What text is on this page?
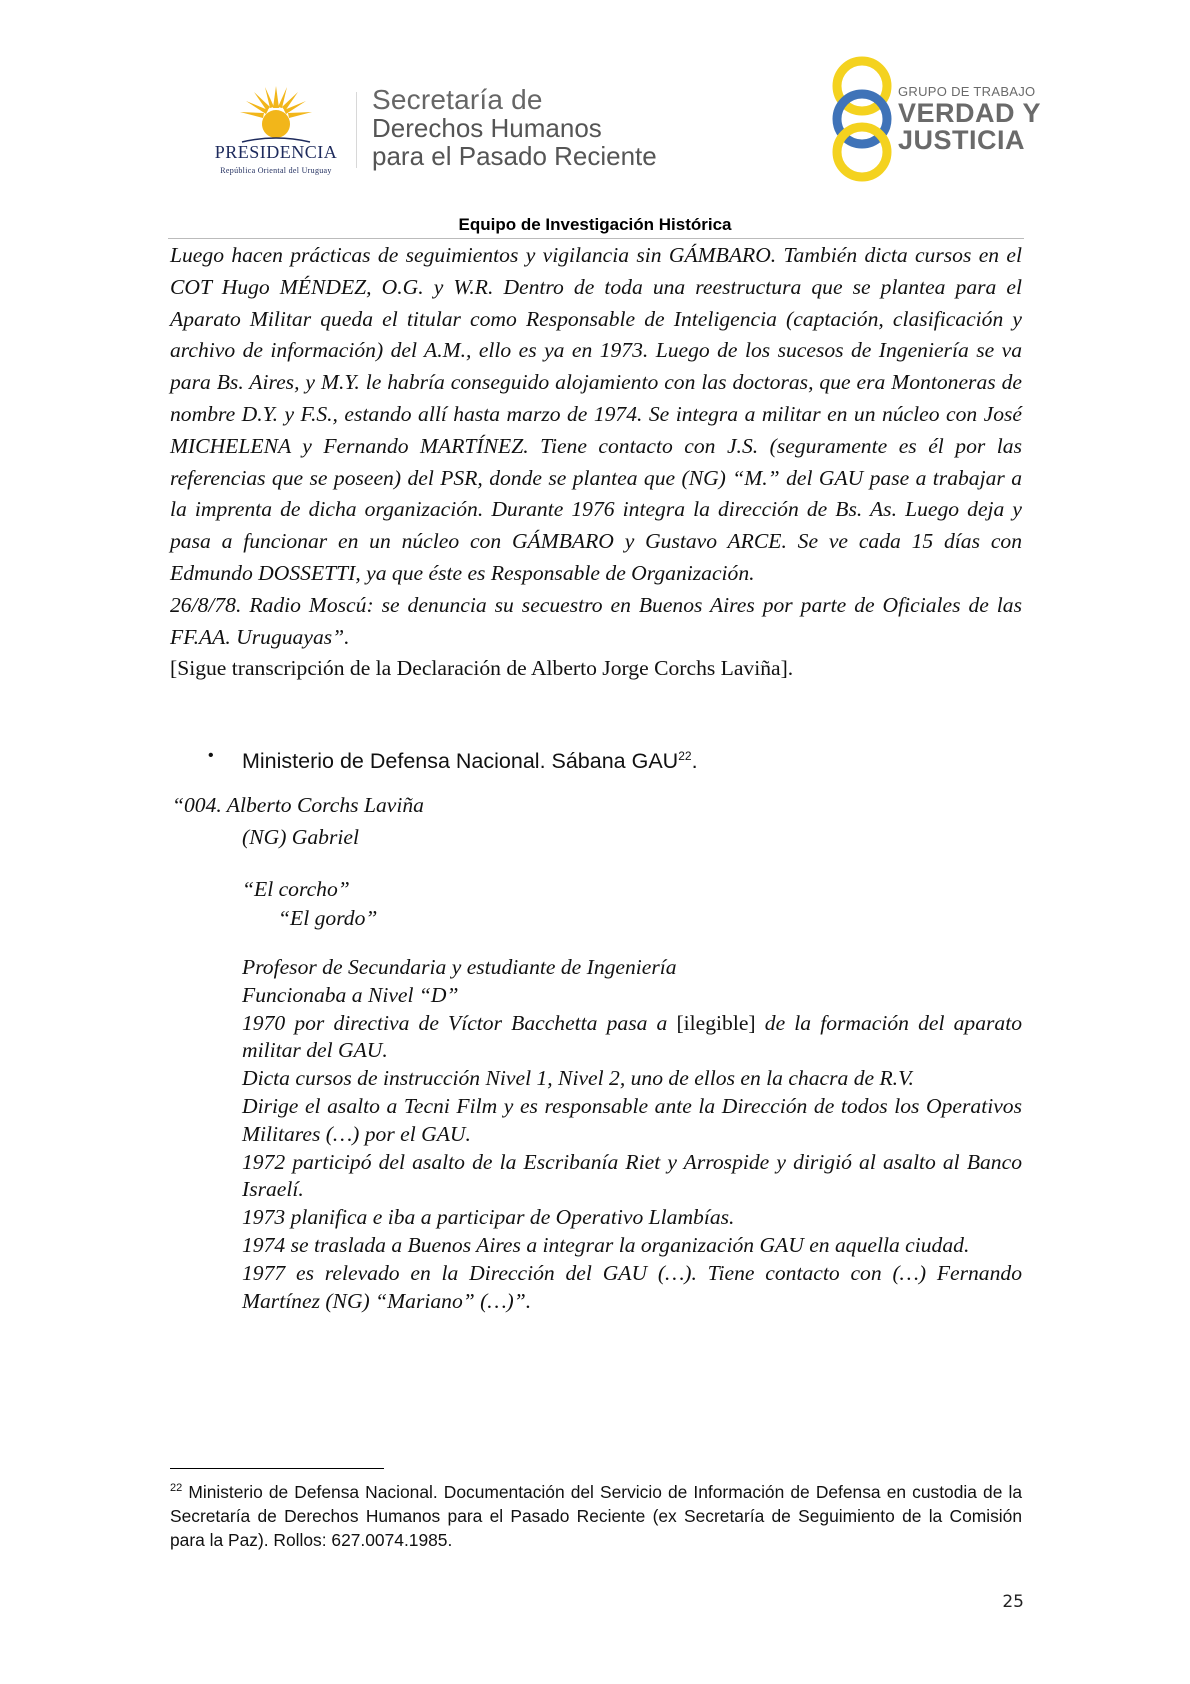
PRESIDENCIA
República Oriental del Uruguay
Secretaría de
Derechos Humanos
para el Pasado Reciente
GRUPO DE TRABAJO
VERDAD Y
JUSTICIA
Equipo de Investigación Histórica

Luego hacen prácticas de seguimientos y vigilancia sin GÁMBARO. También dicta cursos en el COT Hugo MÉNDEZ, O.G. y W.R. Dentro de toda una reestructura que se plantea para el Aparato Militar queda el titular como Responsable de Inteligencia (captación, clasificación y archivo de información) del A.M., ello es ya en 1973. Luego de los sucesos de Ingeniería se va para Bs. Aires, y M.Y. le habría conseguido alojamiento con las doctoras, que era Montoneras de nombre D.Y. y F.S., estando allí hasta marzo de 1974. Se integra a militar en un núcleo con José MICHELENA y Fernando MARTÍNEZ. Tiene contacto con J.S. (seguramente es él por las referencias que se poseen) del PSR, donde se plantea que (NG) “M.” del GAU pase a trabajar a la imprenta de dicha organización. Durante 1976 integra la dirección de Bs. As. Luego deja y pasa a funcionar en un núcleo con GÁMBARO y Gustavo ARCE. Se ve cada 15 días con Edmundo DOSSETTI, ya que éste es Responsable de Organización.

26/8/78. Radio Moscú: se denuncia su secuestro en Buenos Aires por parte de Oficiales de las FF.AA. Uruguayas”.

[Sigue transcripción de la Declaración de Alberto Jorge Corchs Laviña].

• Ministerio de Defensa Nacional. Sábana GAU$^{22}$.
“004. Alberto Corchs Laviña
(NG) Gabriel
“El corcho”
“El gordo”

Profesor de Secundaria y estudiante de Ingeniería

Funcionaba a Nivel “D”

1970 por directiva de Víctor Bacchetta pasa a [ilegible] de la formación del aparato militar del GAU.

Dicta cursos de instrucción Nivel 1, Nivel 2, uno de ellos en la chacra de R.V.

Dirige el asalto a Tecni Film y es responsable ante la Dirección de todos los Operativos Militares (…) por el GAU.

1972 participó del asalto de la Escribanía Riet y Arrospide y dirigió al asalto al Banco Israelí.

1973 planifica e iba a participar de Operativo Llambías.

1974 se traslada a Buenos Aires a integrar la organización GAU en aquella ciudad.

1977 es relevado en la Dirección del GAU (…). Tiene contacto con (…) Fernando Martínez (NG) “Mariano” (…)”.

$^{22}$ Ministerio de Defensa Nacional. Documentación del Servicio de Información de Defensa en custodia de la Secretaría de Derechos Humanos para el Pasado Reciente (ex Secretaría de Seguimiento de la Comisión para la Paz). Rollos: 627.0074.1985.
25
